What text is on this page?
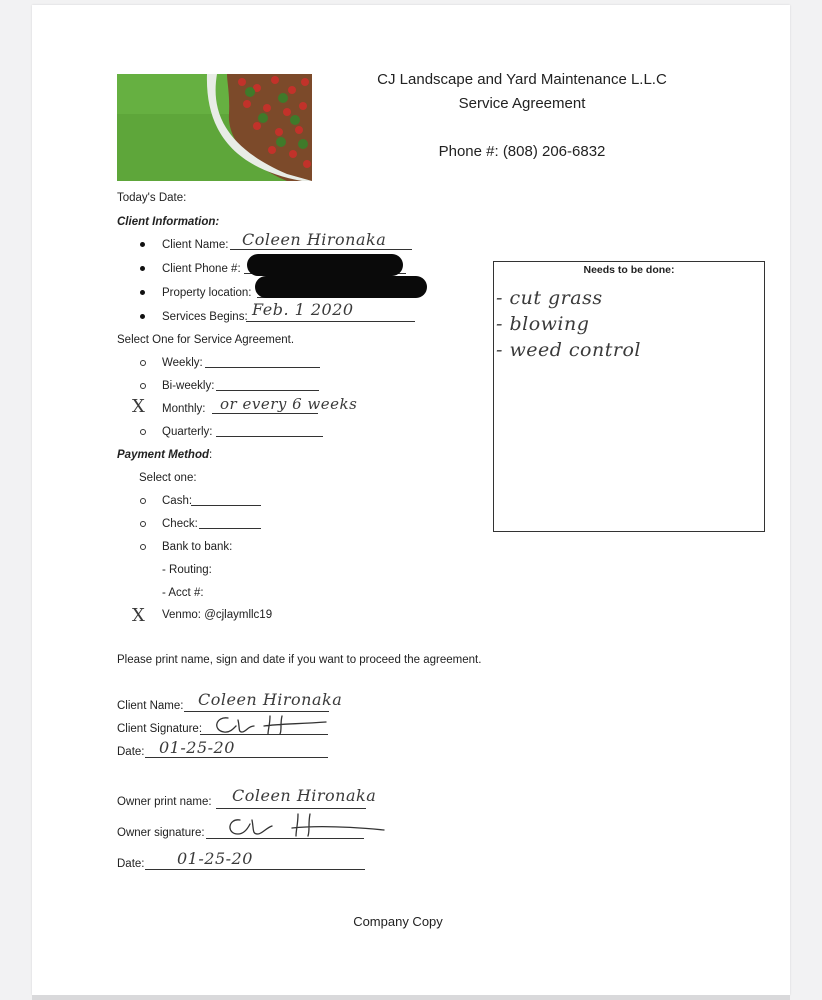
CJ Landscape and Yard Maintenance L.L.C
Service Agreement
Phone #: (808) 206-6832
Today's Date:
Client Information:
Client Name: Coleen Hironaka
Client Phone #:
Property location:
Services Begins: Feb. 1 2020
Select One for Service Agreement.
Weekly:
Bi-weekly:
X Monthly: or every 6 weeks
Quarterly:
Payment Method:
Select one:
Cash:
Check:
Bank to bank:
- Routing:
- Acct #:
X Venmo: @cjlaymllc19
Needs to be done:
- cut grass
- blowing
- weed control
Please print name, sign and date if you want to proceed the agreement.
Client Name: Coleen Hironaka
Client Signature:
Date: 01-25-20
Owner print name: Coleen Hironaka
Owner signature:
Date: 01-25-20
Company Copy
